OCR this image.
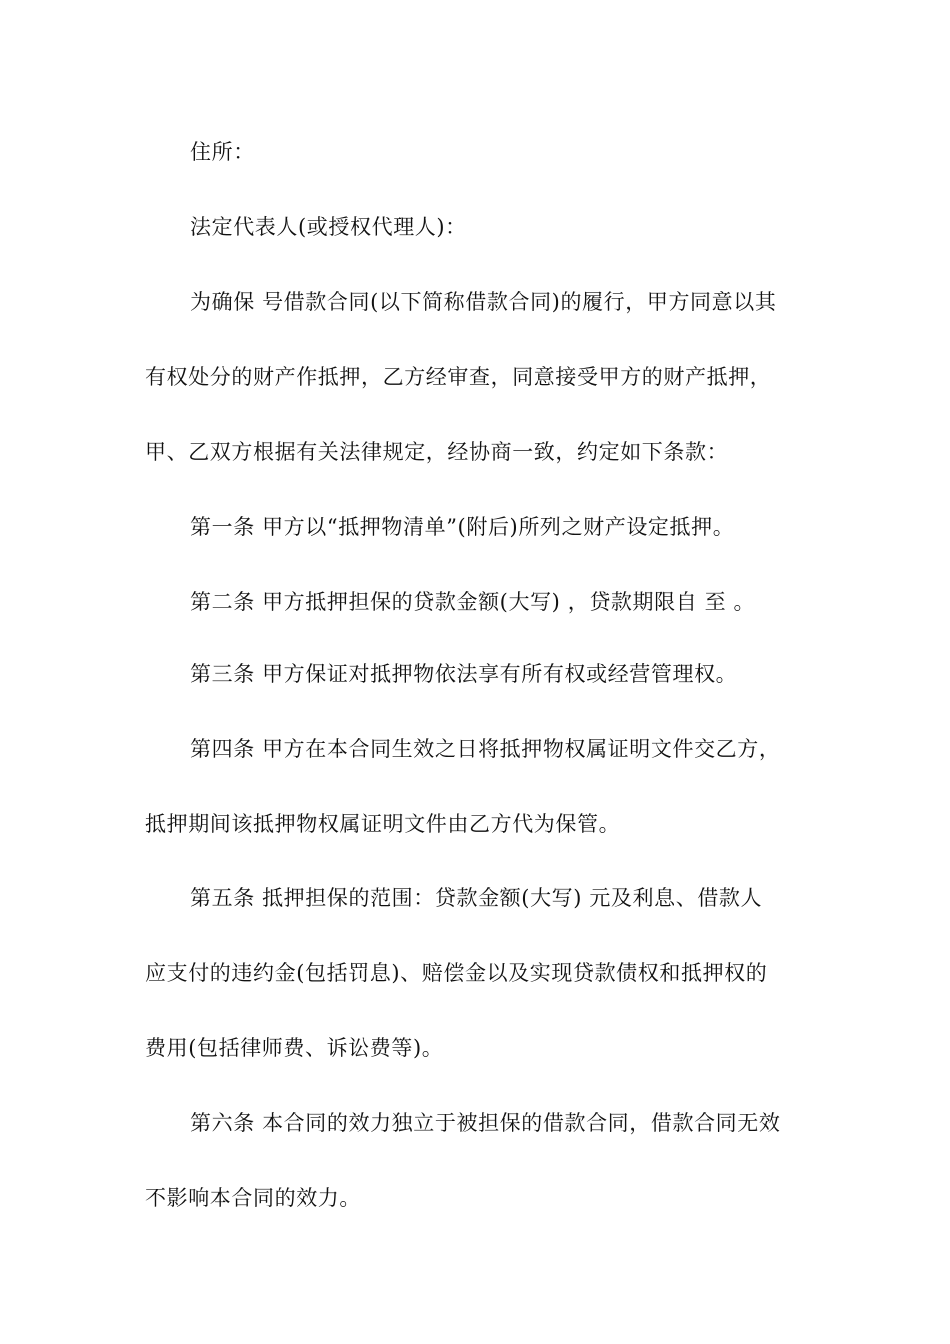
住所：
法定代表人(或授权代理人)：
为确保 号借款合同(以下简称借款合同)的履行，甲方同意以其
有权处分的财产作抵押，乙方经审查，同意接受甲方的财产抵押，
甲、乙双方根据有关法律规定，经协商一致，约定如下条款：
第一条 甲方以“抵押物清单”(附后)所列之财产设定抵押。
第二条 甲方抵押担保的贷款金额(大写) ，贷款期限自 至 。
第三条 甲方保证对抵押物依法享有所有权或经营管理权。
第四条 甲方在本合同生效之日将抵押物权属证明文件交乙方，
抵押期间该抵押物权属证明文件由乙方代为保管。
第五条 抵押担保的范围：贷款金额(大写) 元及利息、借款人
应支付的违约金(包括罚息)、赔偿金以及实现贷款债权和抵押权的
费用(包括律师费、诉讼费等)。
第六条 本合同的效力独立于被担保的借款合同，借款合同无效
不影响本合同的效力。
